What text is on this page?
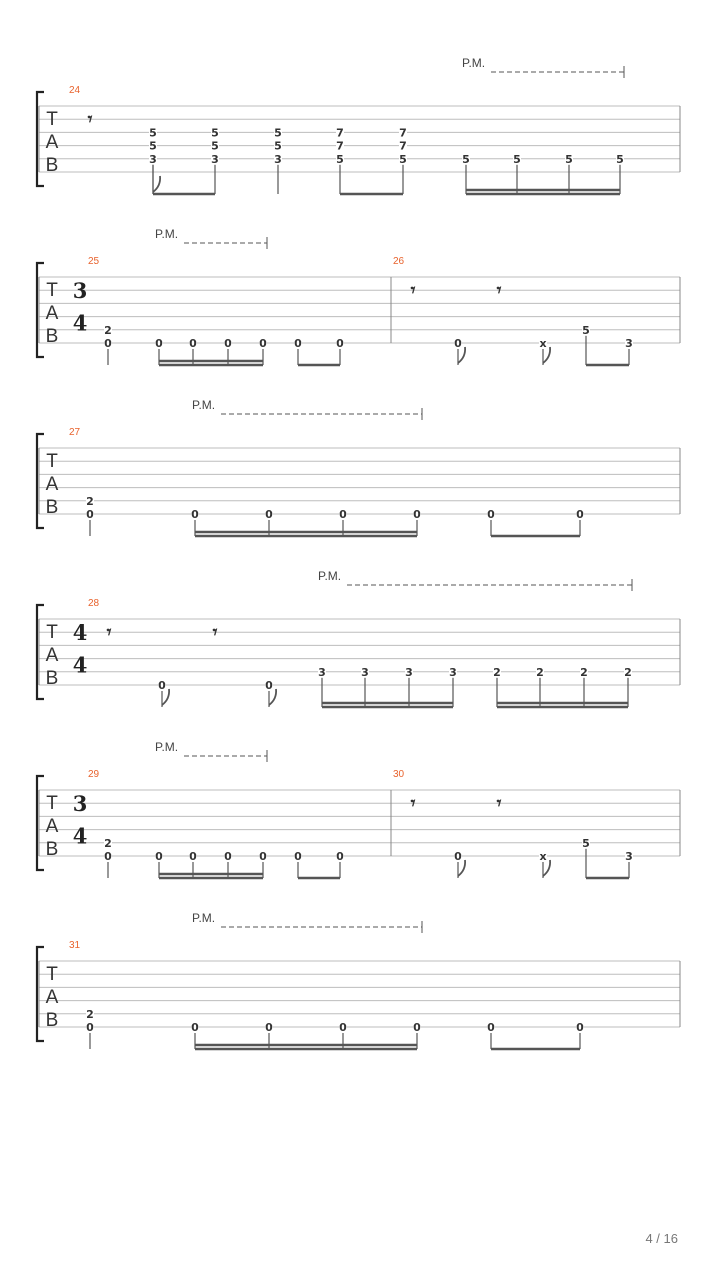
T
A
B
P.M.
24
𝄾
5
5
3
5
5
3
5
5
3
7
7
5
7
7
5	5	5	5	5
T
A
B
P.M.
25
3
4 2
0	0 0 0 0 0	0
26
𝄾
0
𝄾
x
5
3
T
A
B
P.M.
27
2
0	0	0	0	0	0	0
T
A
B
P.M.
28
4
4
𝄾
0
𝄾
0
3	3	3	3	2	2	2	2
T
A
B
P.M.
29
3
4 2
0	0 0 0 0 0	0
30
𝄾
0
𝄾
x
5
3
T
A
B
P.M.
31
2
0	0	0	0	0	0	0
4 / 16
